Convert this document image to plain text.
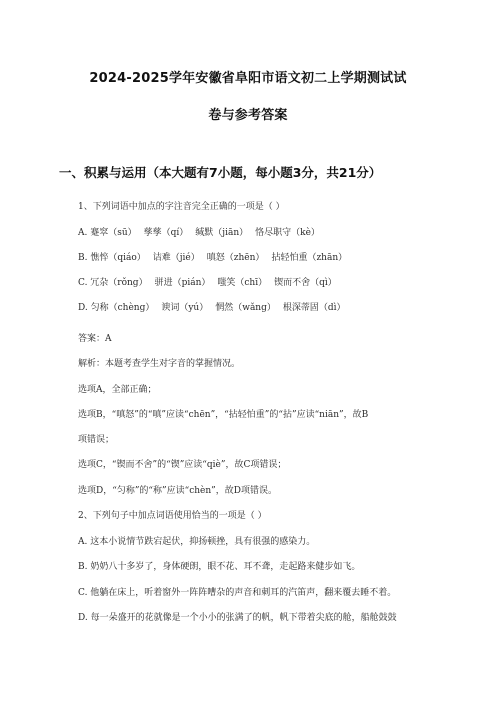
2024-2025学年安徽省阜阳市语文初二上学期测试试
卷与参考答案
一、积累与运用（本大题有7小题，每小题3分，共21分）
1、下列词语中加点的字注音完全正确的一项是（ ）
A. 蹇窣（sū） 孳孳（qí） 缄默（jiān） 恪尽职守（kè）
B. 憔悴（qiáo） 诘难（jié） 嗔怒（zhēn） 拈轻怕重（zhān）
C. 冗杂（rǒng） 骈进（pián） 嗤笑（chī） 锲而不舍（qì）
D. 匀称（chèng） 谀词（yú） 惘然（wǎng） 根深蒂固（dì）
答案：A
解析：本题考查学生对字音的掌握情况。
选项A，全部正确；
选项B，“嗔怒”的“嗔”应读“chēn”，“拈轻怕重”的“拈”应读“niān”，故B
项错误；
选项C，“锲而不舍”的“锲”应读“qiè”，故C项错误；
选项D，“匀称”的“称”应读“chèn”，故D项错误。
2、下列句子中加点词语使用恰当的一项是（ ）
A. 这本小说情节跌宕起伏，抑扬顿挫，具有很强的感染力。
B. 奶奶八十多岁了，身体硬朗，眼不花、耳不聋，走起路来健步如飞。
C. 他躺在床上，听着窗外一阵阵嘈杂的声音和刺耳的汽笛声，翻来覆去睡不着。
D. 每一朵盛开的花就像是一个小小的张满了的帆，帆下带着尖底的舱，船舱鼓鼓
